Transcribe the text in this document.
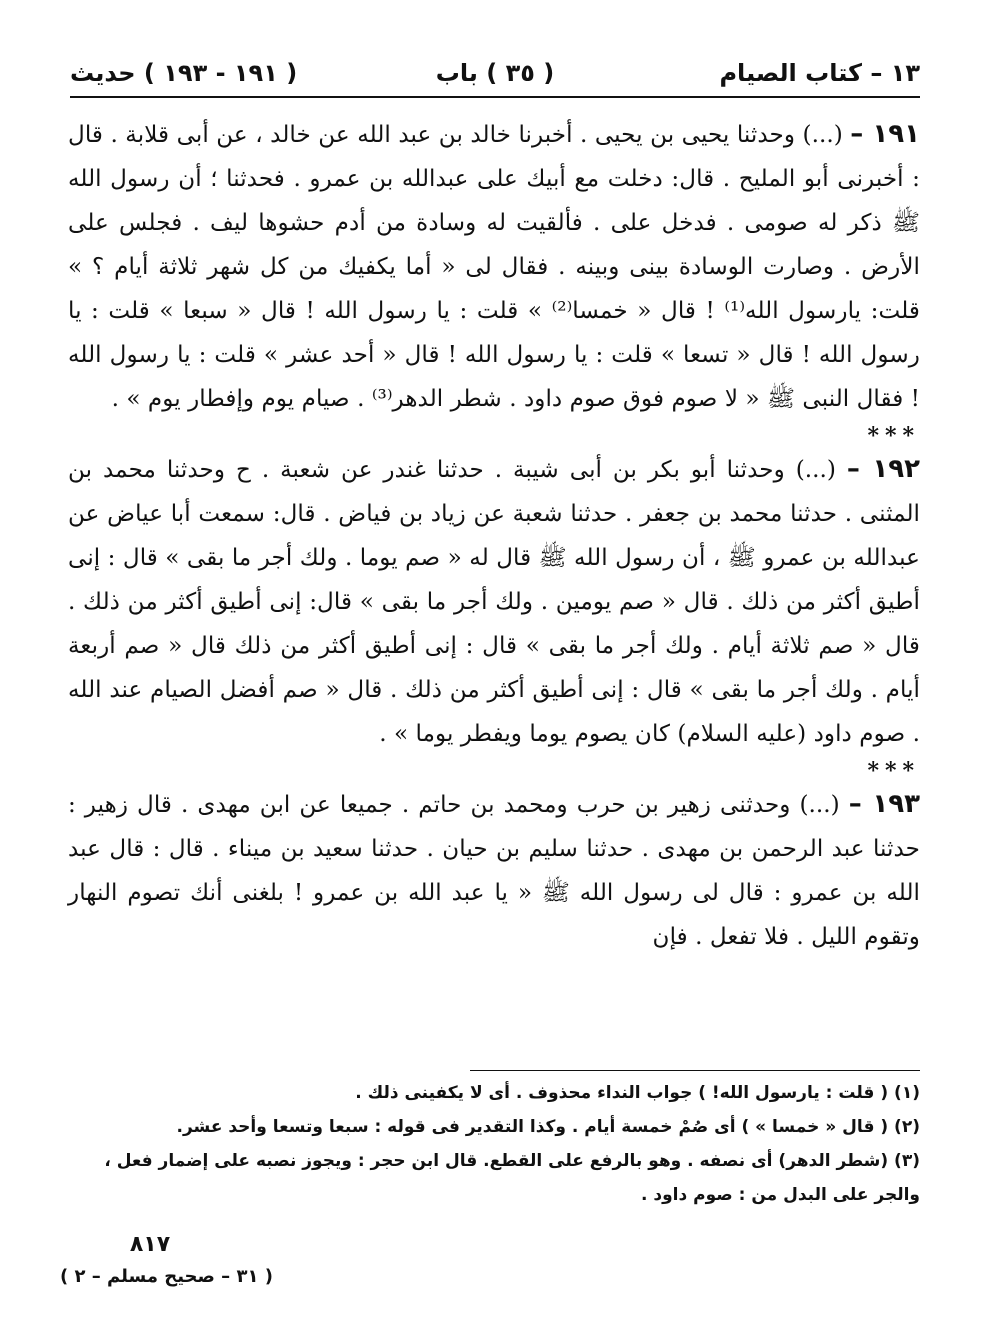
١٣ – كتاب الصيام
( ٣٥ ) باب
( ١٩١ - ١٩٣ ) حديث

١٩١ – (...) وحدثنا يحيى بن يحيى . أخبرنا خالد بن عبد الله عن خالد ، عن أبى قلابة . قال : أخبرنى أبو المليح . قال: دخلت مع أبيك على عبدالله بن عمرو . فحدثنا ؛ أن رسول الله ﷺ ذكر له صومى . فدخل على . فألقيت له وسادة من أدم حشوها ليف . فجلس على الأرض . وصارت الوسادة بينى وبينه . فقال لى « أما يكفيك من كل شهر ثلاثة أيام ؟ » قلت: يارسول الله⁽¹⁾ ! قال « خمسا⁽²⁾ » قلت : يا رسول الله ! قال « سبعا » قلت : يا رسول الله ! قال « تسعا » قلت : يا رسول الله ! قال « أحد عشر » قلت : يا رسول الله ! فقال النبى ﷺ « لا صوم فوق صوم داود . شطر الدهر⁽³⁾ . صيام يوم وإفطار يوم » .

***

١٩٢ – (...) وحدثنا أبو بكر بن أبى شيبة . حدثنا غندر عن شعبة . ح وحدثنا محمد بن المثنى . حدثنا محمد بن جعفر . حدثنا شعبة عن زياد بن فياض . قال: سمعت أبا عياض عن عبدالله بن عمرو ﷺ ، أن رسول الله ﷺ قال له « صم يوما . ولك أجر ما بقى » قال : إنى أطيق أكثر من ذلك . قال « صم يومين . ولك أجر ما بقى » قال: إنى أطيق أكثر من ذلك . قال « صم ثلاثة أيام . ولك أجر ما بقى » قال : إنى أطيق أكثر من ذلك قال « صم أربعة أيام . ولك أجر ما بقى » قال : إنى أطيق أكثر من ذلك . قال « صم أفضل الصيام عند الله . صوم داود (عليه السلام) كان يصوم يوما ويفطر يوما » .

***

١٩٣ – (...) وحدثنى زهير بن حرب ومحمد بن حاتم . جميعا عن ابن مهدى . قال زهير : حدثنا عبد الرحمن بن مهدى . حدثنا سليم بن حيان . حدثنا سعيد بن ميناء . قال : قال عبد الله بن عمرو : قال لى رسول الله ﷺ « يا عبد الله بن عمرو ! بلغنى أنك تصوم النهار وتقوم الليل . فلا تفعل . فإن

(١) ( قلت : يارسول الله! ) جواب النداء محذوف . أى لا يكفينى ذلك .

(٢) ( قال « خمسا » ) أى صُمْ خمسة أيام . وكذا التقدير فى قوله : سبعا وتسعا وأحد عشر.

(٣) (شطر الدهر) أى نصفه . وهو بالرفع على القطع. قال ابن حجر : ويجوز نصبه على إضمار فعل ، والجر على البدل من : صوم داود .

٨١٧
( ٣١ – صحيح مسلم – ٢ )
